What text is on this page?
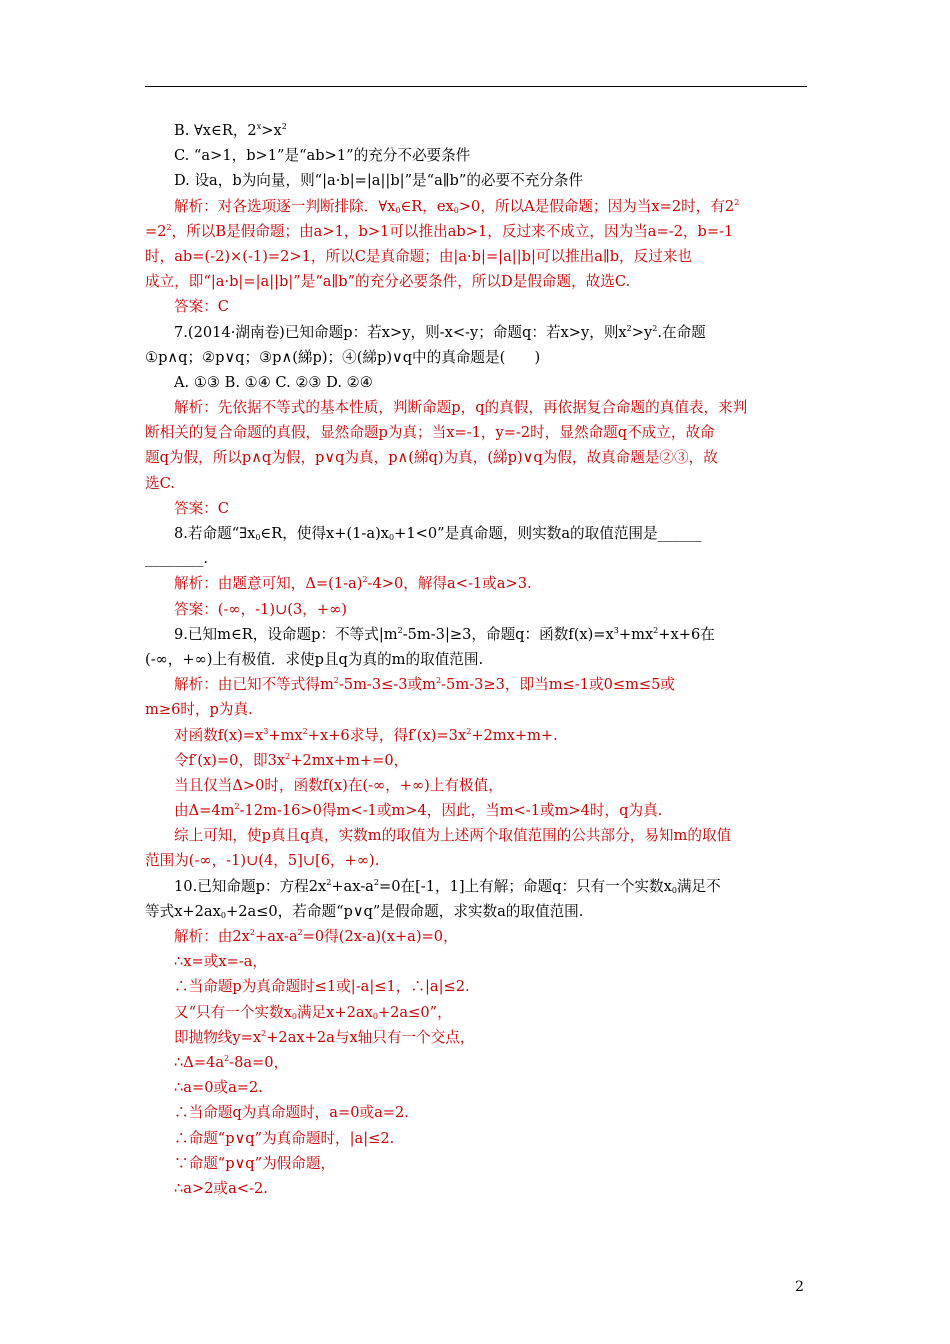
B. ∀x∈R，$2^x>x^2$
C. “a>1，b>1”是“ab>1”的充分不必要条件
D. 设a，b为向量，则“|a·b|=|a||b|”是“a∥b”的必要不充分条件
解析：对各选项逐一判断排除．$\forall x_0\in R$，$ex_0>0$，所以A是假命题；因为当x=2时，有$2^2$
$=2^2$，所以B是假命题；由a>1，b>1可以推出ab>1，反过来不成立，因为当a=-2，b=-1
时，ab=(-2)×(-1)=2>1，所以C是真命题；由|a·b|=|a||b|可以推出a∥b，反过来也
成立，即“|a·b|=|a||b|”是“a∥b”的充分必要条件，所以D是假命题，故选C.
答案：C
7.(2014·湖南卷)已知命题p：若x>y，则-x<-y；命题q：若x>y，则$x^2>y^2$.在命题
①p∧q；②p∨q；③p∧(綈p)；④(綈p)∨q中的真命题是(　　)
A. ①③ B. ①④ C. ②③ D. ②④
解析：先依据不等式的基本性质，判断命题p，q的真假，再依据复合命题的真值表，来判
断相关的复合命题的真假，显然命题p为真；当x=-1，y=-2时，显然命题q不成立，故命
题q为假，所以p∧q为假，p∨q为真，p∧(綈q)为真，(綈p)∨q为假，故真命题是②③，故
选C.
答案：C
8.若命题“$\exists x_0\in R$，使得$x+(1-a)x_0+1<0$”是真命题，则实数a的取值范围是______
________.
解析：由题意可知，$\Delta=(1-a)^2-4>0$，解得a<-1或a>3.
答案：(-∞，-1)∪(3，+∞)
9.已知m∈R，设命题p：不等式$|m^2-5m-3|\ge 3$，命题q：函数$f(x)=x^3+mx^2+x+6$在
(-∞，+∞)上有极值．求使p且q为真的m的取值范围.
解析：由已知不等式得$m^2-5m-3\le-3$或$m^2-5m-3\ge 3$，即当m≤-1或0≤m≤5或
m≥6时，p为真.
对函数$f(x)=x^3+mx^2+x+6$求导，得$f'(x)=3x^2+2mx+m+$.
令f′(x)=0，即$3x^2+2mx+m+=0$，
当且仅当Δ>0时，函数f(x)在(-∞，+∞)上有极值，
由$\Delta=4m^2-12m-16>0$得m<-1或m>4，因此，当m<-1或m>4时，q为真.
综上可知，使p真且q真，实数m的取值为上述两个取值范围的公共部分，易知m的取值
范围为(-∞，-1)∪(4，5]∪[6，+∞).
10.已知命题p：方程$2x^2+ax-a^2=0$在[-1，1]上有解；命题q：只有一个实数$x_0$满足不
等式$x+2ax_0+2a\le 0$，若命题“p∨q”是假命题，求实数a的取值范围.
解析：由$2x^2+ax-a^2=0$得(2x-a)(x+a)=0，
∴x=或x=-a，
∴当命题p为真命题时≤1或|-a|≤1，∴|a|≤2.
又“只有一个实数$x_0$满足$x+2ax_0+2a\le 0$”，
即抛物线$y=x^2+2ax+2a$与x轴只有一个交点，
$\therefore\Delta=4a^2-8a=0$，
∴a=0或a=2.
∴当命题q为真命题时，a=0或a=2.
∴命题“p∨q”为真命题时，|a|≤2.
∵命题“p∨q”为假命题，
∴a>2或a<-2.
2
